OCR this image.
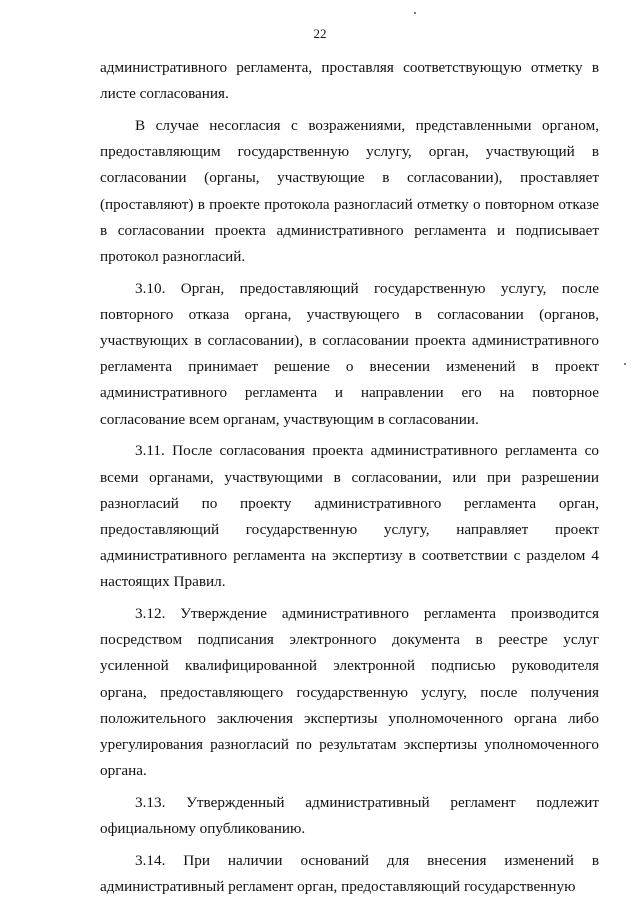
22

административного регламента, проставляя соответствующую отметку в листе согласования.

В случае несогласия с возражениями, представленными органом, предоставляющим государственную услугу, орган, участвующий в согласовании (органы, участвующие в согласовании), проставляет (проставляют) в проекте протокола разногласий отметку о повторном отказе в согласовании проекта административного регламента и подписывает протокол разногласий.

3.10. Орган, предоставляющий государственную услугу, после повторного отказа органа, участвующего в согласовании (органов, участвующих в согласовании), в согласовании проекта административного регламента принимает решение о внесении изменений в проект административного регламента и направлении его на повторное согласование всем органам, участвующим в согласовании.

3.11. После согласования проекта административного регламента со всеми органами, участвующими в согласовании, или при разрешении разногласий по проекту административного регламента орган, предоставляющий государственную услугу, направляет проект административного регламента на экспертизу в соответствии с разделом 4 настоящих Правил.

3.12. Утверждение административного регламента производится посредством подписания электронного документа в реестре услуг усиленной квалифицированной электронной подписью руководителя органа, предоставляющего государственную услугу, после получения положительного заключения экспертизы уполномоченного органа либо урегулирования разногласий по результатам экспертизы уполномоченного органа.

3.13. Утвержденный административный регламент подлежит официальному опубликованию.

3.14. При наличии оснований для внесения изменений в административный регламент орган, предоставляющий государственную
